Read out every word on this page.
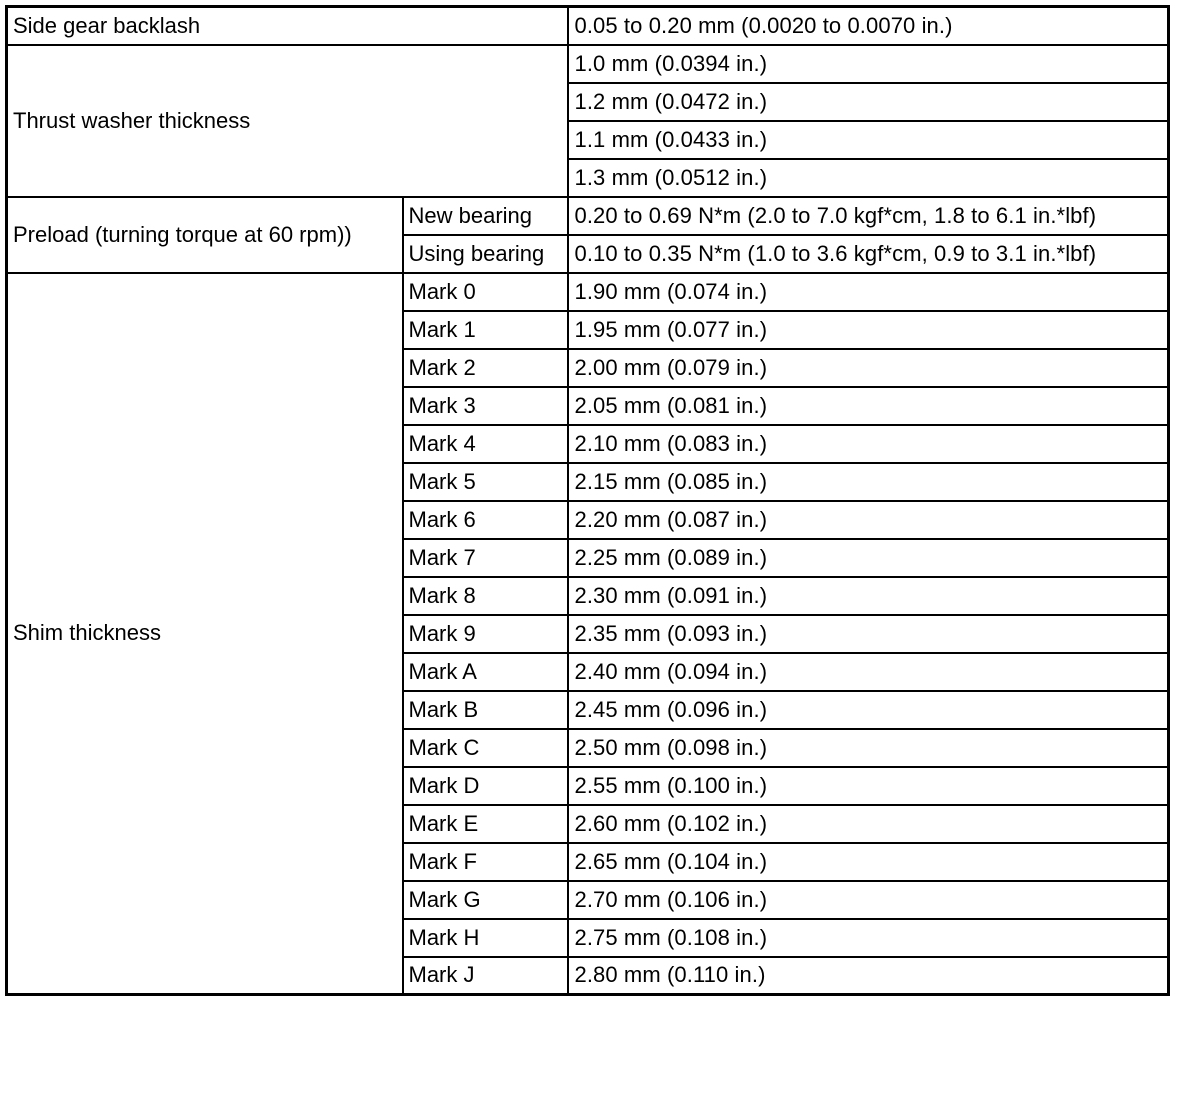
Side gear backlash		0.05 to 0.20 mm (0.0020 to 0.0070 in.)
Thrust washer thickness		1.0 mm (0.0394 in.)
		1.2 mm (0.0472 in.)
		1.1 mm (0.0433 in.)
		1.3 mm (0.0512 in.)
Preload (turning torque at 60 rpm))	New bearing	0.20 to 0.69 N*m (2.0 to 7.0 kgf*cm, 1.8 to 6.1 in.*lbf)
	Using bearing	0.10 to 0.35 N*m (1.0 to 3.6 kgf*cm, 0.9 to 3.1 in.*lbf)
Shim thickness	Mark 0	1.90 mm (0.074 in.)
	Mark 1	1.95 mm (0.077 in.)
	Mark 2	2.00 mm (0.079 in.)
	Mark 3	2.05 mm (0.081 in.)
	Mark 4	2.10 mm (0.083 in.)
	Mark 5	2.15 mm (0.085 in.)
	Mark 6	2.20 mm (0.087 in.)
	Mark 7	2.25 mm (0.089 in.)
	Mark 8	2.30 mm (0.091 in.)
	Mark 9	2.35 mm (0.093 in.)
	Mark A	2.40 mm (0.094 in.)
	Mark B	2.45 mm (0.096 in.)
	Mark C	2.50 mm (0.098 in.)
	Mark D	2.55 mm (0.100 in.)
	Mark E	2.60 mm (0.102 in.)
	Mark F	2.65 mm (0.104 in.)
	Mark G	2.70 mm (0.106 in.)
	Mark H	2.75 mm (0.108 in.)
	Mark J	2.80 mm (0.110 in.)
